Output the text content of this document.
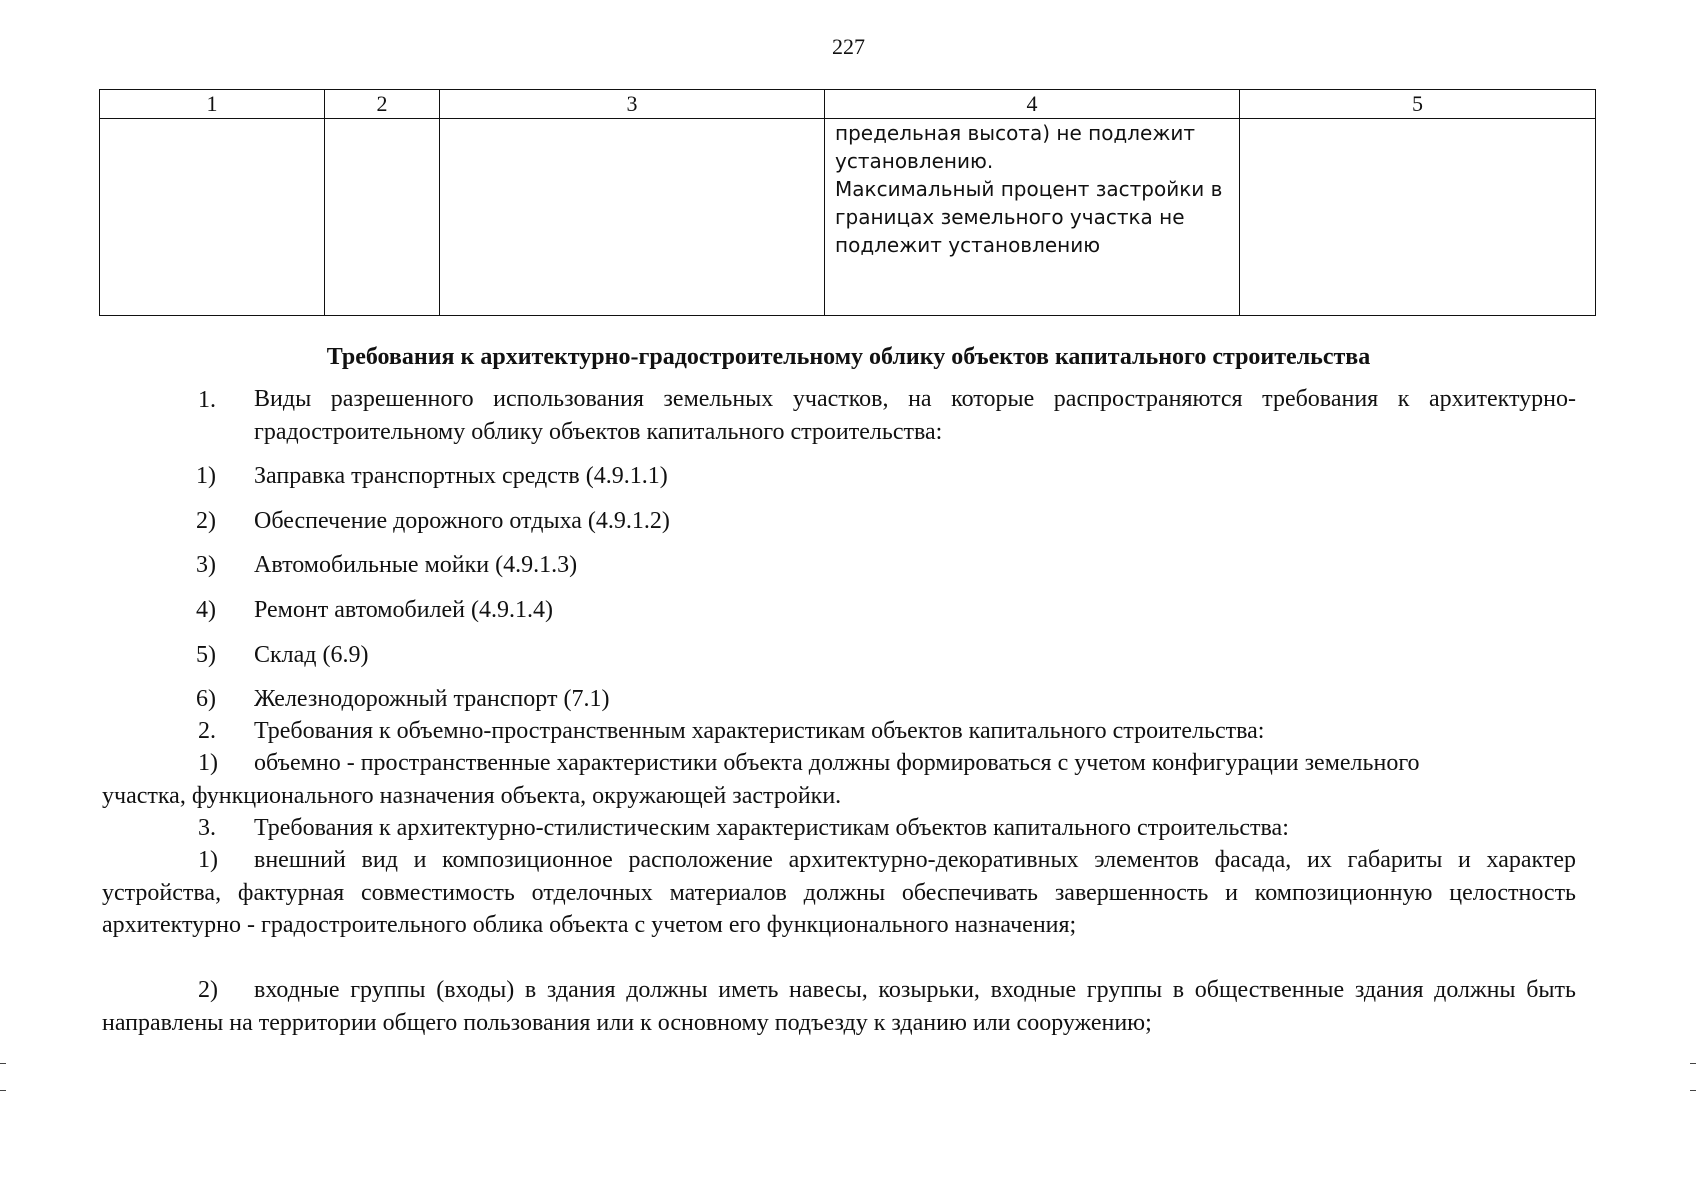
227
1	2	3	4	5

			предельная высота) не подлежит
установлению.
Максимальный процент застройки в
границах земельного участка не
подлежит установлению	

Требования к архитектурно-градостроительному облику объектов капитального строительства
1. Виды разрешенного использования земельных участков, на которые распространяются требования к архитектурно-градостроительному облику объектов капитального строительства:
1) Заправка транспортных средств (4.9.1.1)
2) Обеспечение дорожного отдыха (4.9.1.2)
3) Автомобильные мойки (4.9.1.3)
4) Ремонт автомобилей (4.9.1.4)
5) Склад (6.9)
6) Железнодорожный транспорт (7.1)
2. Требования к объемно-пространственным характеристикам объектов капитального строительства:
1)	объемно - пространственные характеристики объекта должны формироваться с учетом конфигурации земельного участка, функционального назначения объекта, окружающей застройки.
3. Требования к архитектурно-стилистическим характеристикам объектов капитального строительства:
1)	внешний вид и композиционное расположение архитектурно-декоративных элементов фасада, их габариты и характер устройства, фактурная совместимость отделочных материалов должны обеспечивать завершенность и композиционную целостность архитектурно - градостроительного облика объекта с учетом его функционального назначения;
2)	входные группы (входы) в здания должны иметь навесы, козырьки, входные группы в общественные здания должны быть направлены на территории общего пользования или к основному подъезду к зданию или сооружению;
